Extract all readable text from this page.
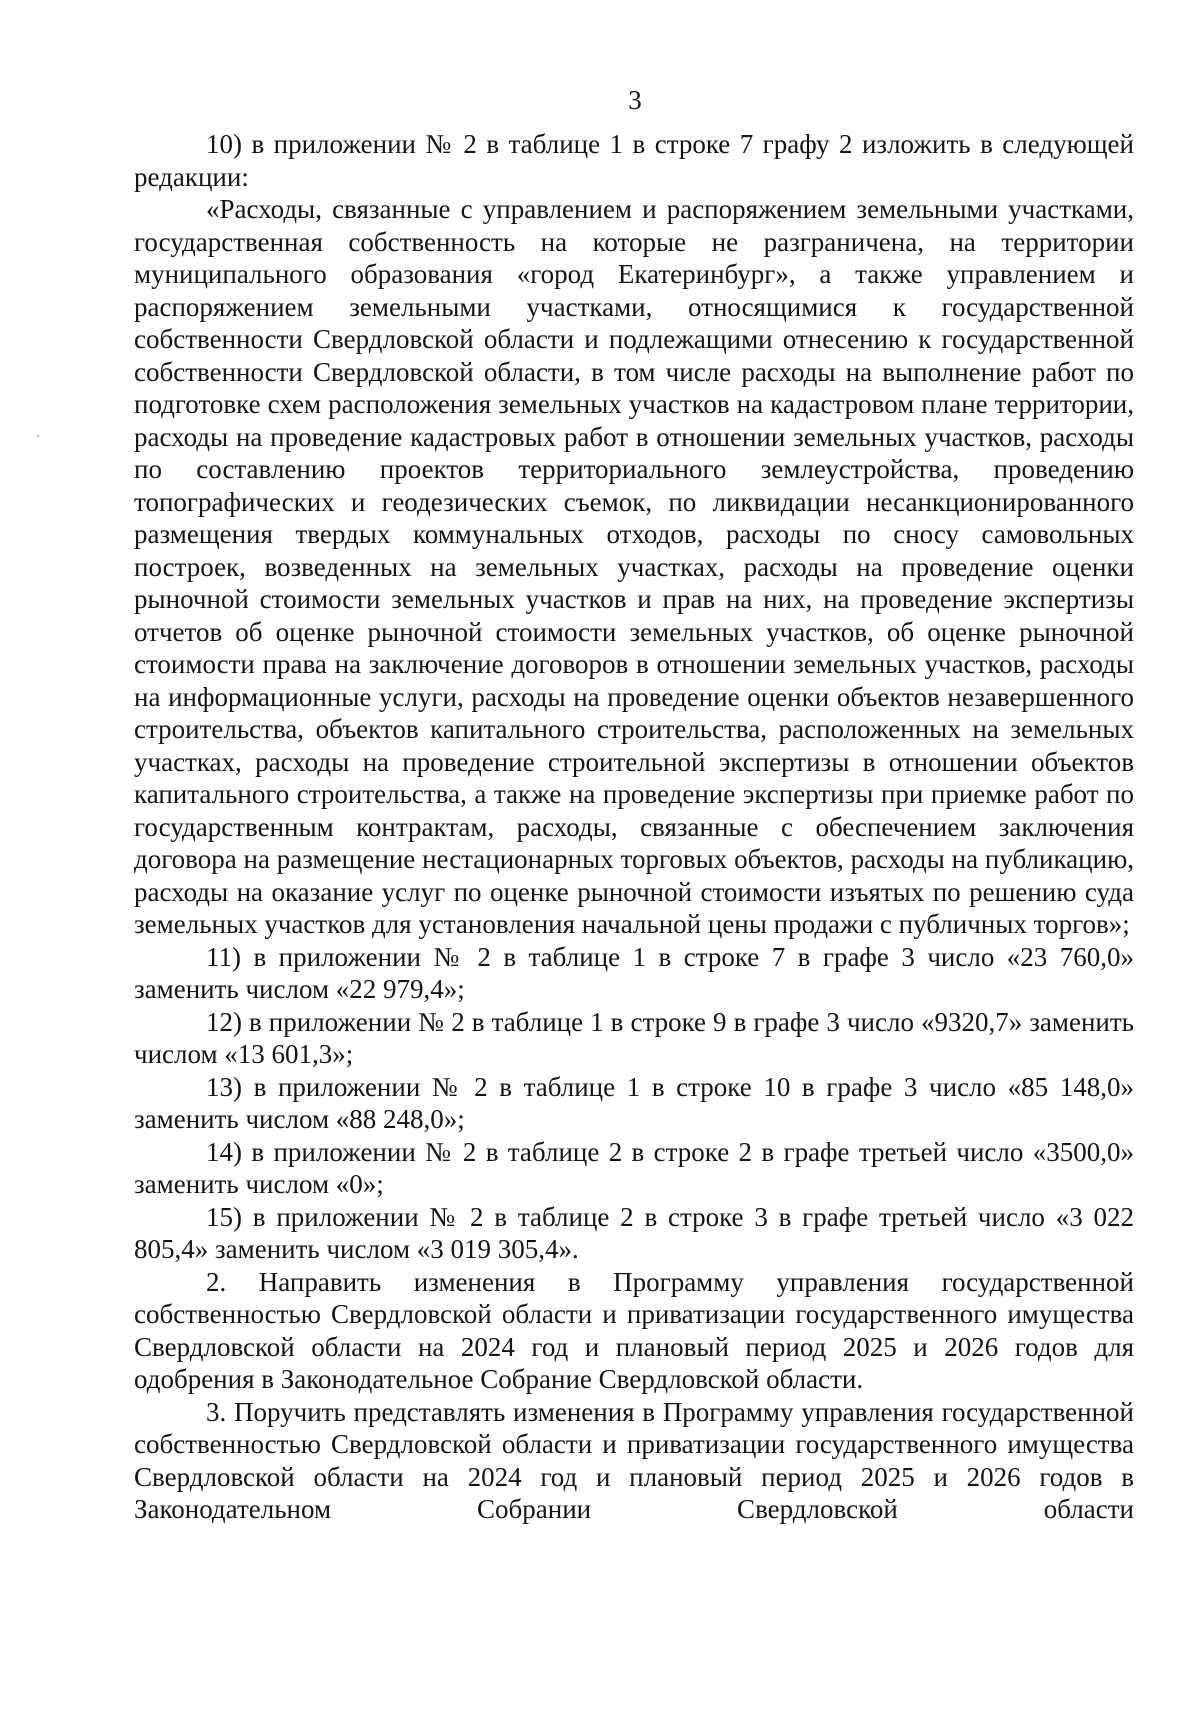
3

10) в приложении № 2 в таблице 1 в строке 7 графу 2 изложить в следующей редакции:

«Расходы, связанные с управлением и распоряжением земельными участками, государственная собственность на которые не разграничена, на территории муниципального образования «город Екатеринбург», а также управлением и распоряжением земельными участками, относящимися к государственной собственности Свердловской области и подлежащими отнесению к государственной собственности Свердловской области, в том числе расходы на выполнение работ по подготовке схем расположения земельных участков на кадастровом плане территории, расходы на проведение кадастровых работ в отношении земельных участков, расходы по составлению проектов территориального землеустройства, проведению топографических и геодезических съемок, по ликвидации несанкционированного размещения твердых коммунальных отходов, расходы по сносу самовольных построек, возведенных на земельных участках, расходы на проведение оценки рыночной стоимости земельных участков и прав на них, на проведение экспертизы отчетов об оценке рыночной стоимости земельных участков, об оценке рыночной стоимости права на заключение договоров в отношении земельных участков, расходы на информационные услуги, расходы на проведение оценки объектов незавершенного строительства, объектов капитального строительства, расположенных на земельных участках, расходы на проведение строительной экспертизы в отношении объектов капитального строительства, а также на проведение экспертизы при приемке работ по государственным контрактам, расходы, связанные с обеспечением заключения договора на размещение нестационарных торговых объектов, расходы на публикацию, расходы на оказание услуг по оценке рыночной стоимости изъятых по решению суда земельных участков для установления начальной цены продажи с публичных торгов»;

11) в приложении № 2 в таблице 1 в строке 7 в графе 3 число «23 760,0» заменить числом «22 979,4»;

12) в приложении № 2 в таблице 1 в строке 9 в графе 3 число «9320,7» заменить числом «13 601,3»;

13) в приложении № 2 в таблице 1 в строке 10 в графе 3 число «85 148,0» заменить числом «88 248,0»;

14) в приложении № 2 в таблице 2 в строке 2 в графе третьей число «3500,0» заменить числом «0»;

15) в приложении № 2 в таблице 2 в строке 3 в графе третьей число «3 022 805,4» заменить числом «3 019 305,4».

2. Направить изменения в Программу управления государственной собственностью Свердловской области и приватизации государственного имущества Свердловской области на 2024 год и плановый период 2025 и 2026 годов для одобрения в Законодательное Собрание Свердловской области.

3. Поручить представлять изменения в Программу управления государственной собственностью Свердловской области и приватизации государственного имущества Свердловской области на 2024 год и плановый период 2025 и 2026 годов в Законодательном Собрании Свердловской области
